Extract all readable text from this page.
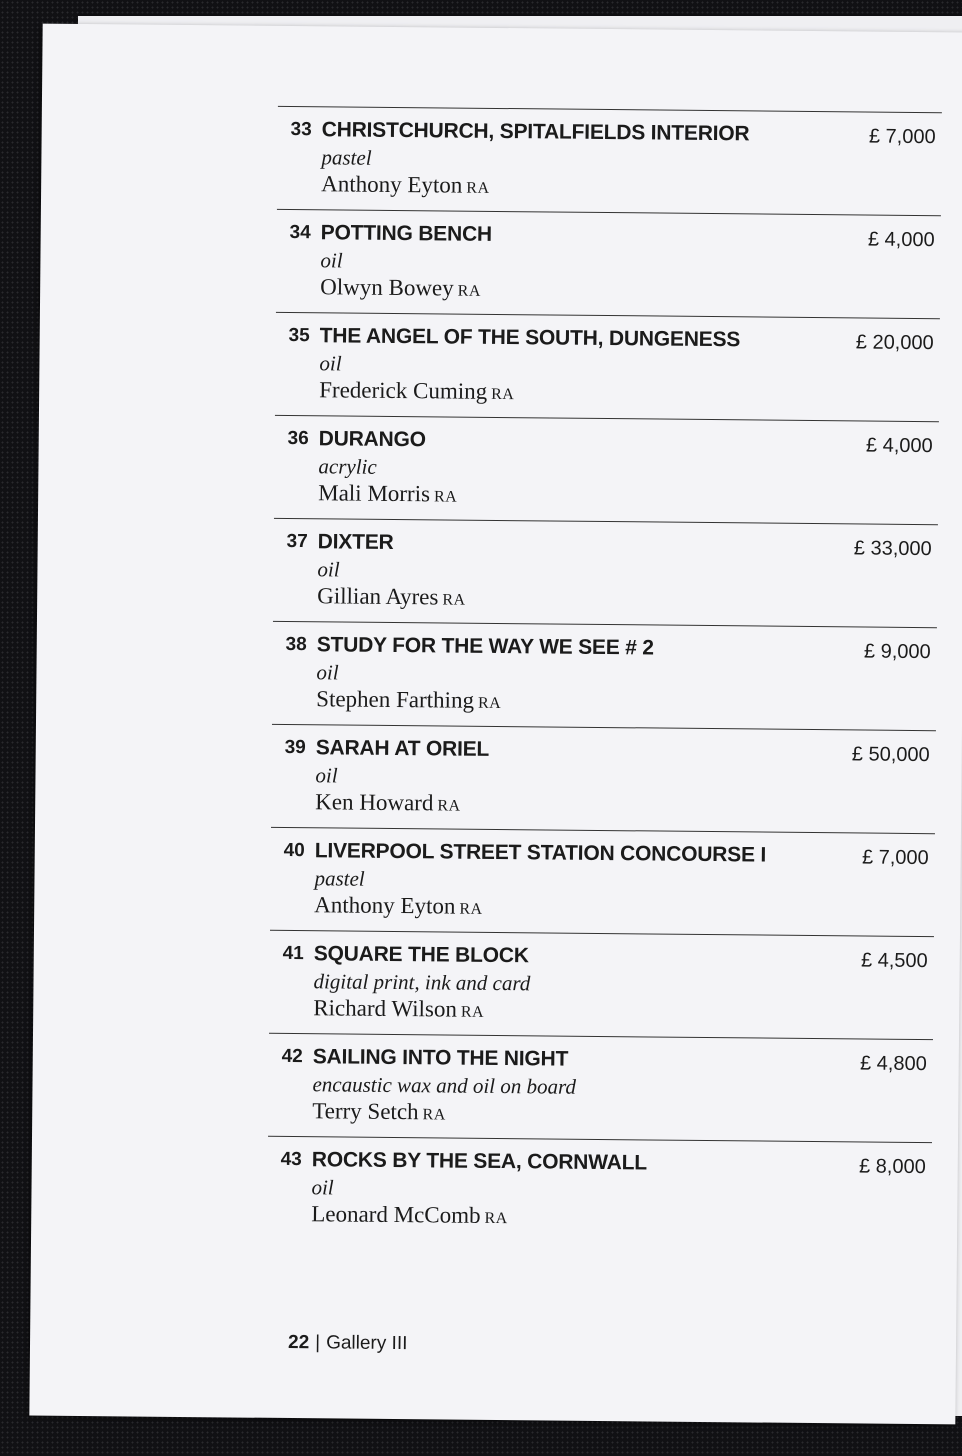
33 CHRISTCHURCH, SPITALFIELDS INTERIOR	£ 7,000
pastel
Anthony Eyton RA
34 POTTING BENCH	£ 4,000
oil
Olwyn Bowey RA
35 THE ANGEL OF THE SOUTH, DUNGENESS	£ 20,000
oil
Frederick Cuming RA
36 DURANGO	£ 4,000
acrylic
Mali Morris RA
37 DIXTER	£ 33,000
oil
Gillian Ayres RA
38 STUDY FOR THE WAY WE SEE # 2	£ 9,000
oil
Stephen Farthing RA
39 SARAH AT ORIEL	£ 50,000
oil
Ken Howard RA
40 LIVERPOOL STREET STATION CONCOURSE I	£ 7,000
pastel
Anthony Eyton RA
41 SQUARE THE BLOCK	£ 4,500
digital print, ink and card
Richard Wilson RA
42 SAILING INTO THE NIGHT	£ 4,800
encaustic wax and oil on board
Terry Setch RA
43 ROCKS BY THE SEA, CORNWALL	£ 8,000
oil
Leonard McComb RA
22 | Gallery III
